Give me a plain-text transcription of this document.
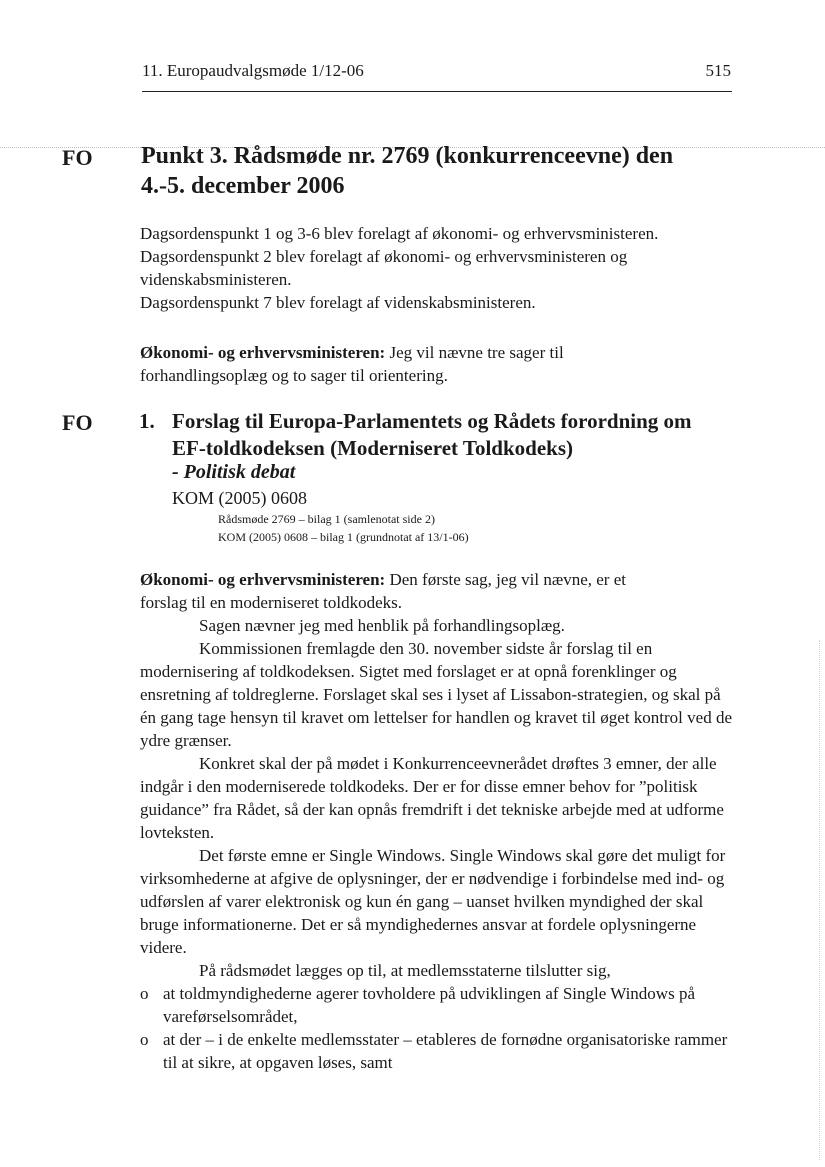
11. Europaudvalgsmøde 1/12-06	515
FO
FO
Punkt 3. Rådsmøde nr. 2769 (konkurrenceevne) den
4.-5. december 2006
Dagsordenspunkt 1 og 3-6 blev forelagt af økonomi- og erhvervsministeren.
Dagsordenspunkt 2 blev forelagt af økonomi- og erhvervsministeren og
videnskabsministeren.
Dagsordenspunkt 7 blev forelagt af videnskabsministeren.
Økonomi- og erhvervsministeren: Jeg vil nævne tre sager til
forhandlingsoplæg og to sager til orientering.
1. Forslag til Europa-Parlamentets og Rådets forordning om
EF-toldkodeksen (Moderniseret Toldkodeks)
- Politisk debat
KOM (2005) 0608
Rådsmøde 2769 – bilag 1 (samlenotat side 2)
KOM (2005) 0608 – bilag 1 (grundnotat af 13/1-06)
Økonomi- og erhvervsministeren: Den første sag, jeg vil nævne, er et
forslag til en moderniseret toldkodeks.

Sagen nævner jeg med henblik på forhandlingsoplæg.

Kommissionen fremlagde den 30. november sidste år forslag til en modernisering af toldkodeksen. Sigtet med forslaget er at opnå forenklinger og ensretning af toldreglerne. Forslaget skal ses i lyset af Lissabon-strategien, og skal på én gang tage hensyn til kravet om lettelser for handlen og kravet til øget kontrol ved de ydre grænser.

Konkret skal der på mødet i Konkurrenceevnerådet drøftes 3 emner, der alle indgår i den moderniserede toldkodeks. Der er for disse emner behov for ”politisk guidance” fra Rådet, så der kan opnås fremdrift i det tekniske arbejde med at udforme lovteksten.

Det første emne er Single Windows. Single Windows skal gøre det muligt for virksomhederne at afgive de oplysninger, der er nødvendige i forbindelse med ind- og udførslen af varer elektronisk og kun én gang – uanset hvilken myndighed der skal bruge informationerne. Det er så myndighedernes ansvar at fordele oplysningerne videre.

På rådsmødet lægges op til, at medlemsstaterne tilslutter sig,

o at toldmyndighederne agerer tovholdere på udviklingen af Single Windows på vareførselsområdet,
o at der – i de enkelte medlemsstater – etableres de fornødne organisatoriske rammer til at sikre, at opgaven løses, samt
